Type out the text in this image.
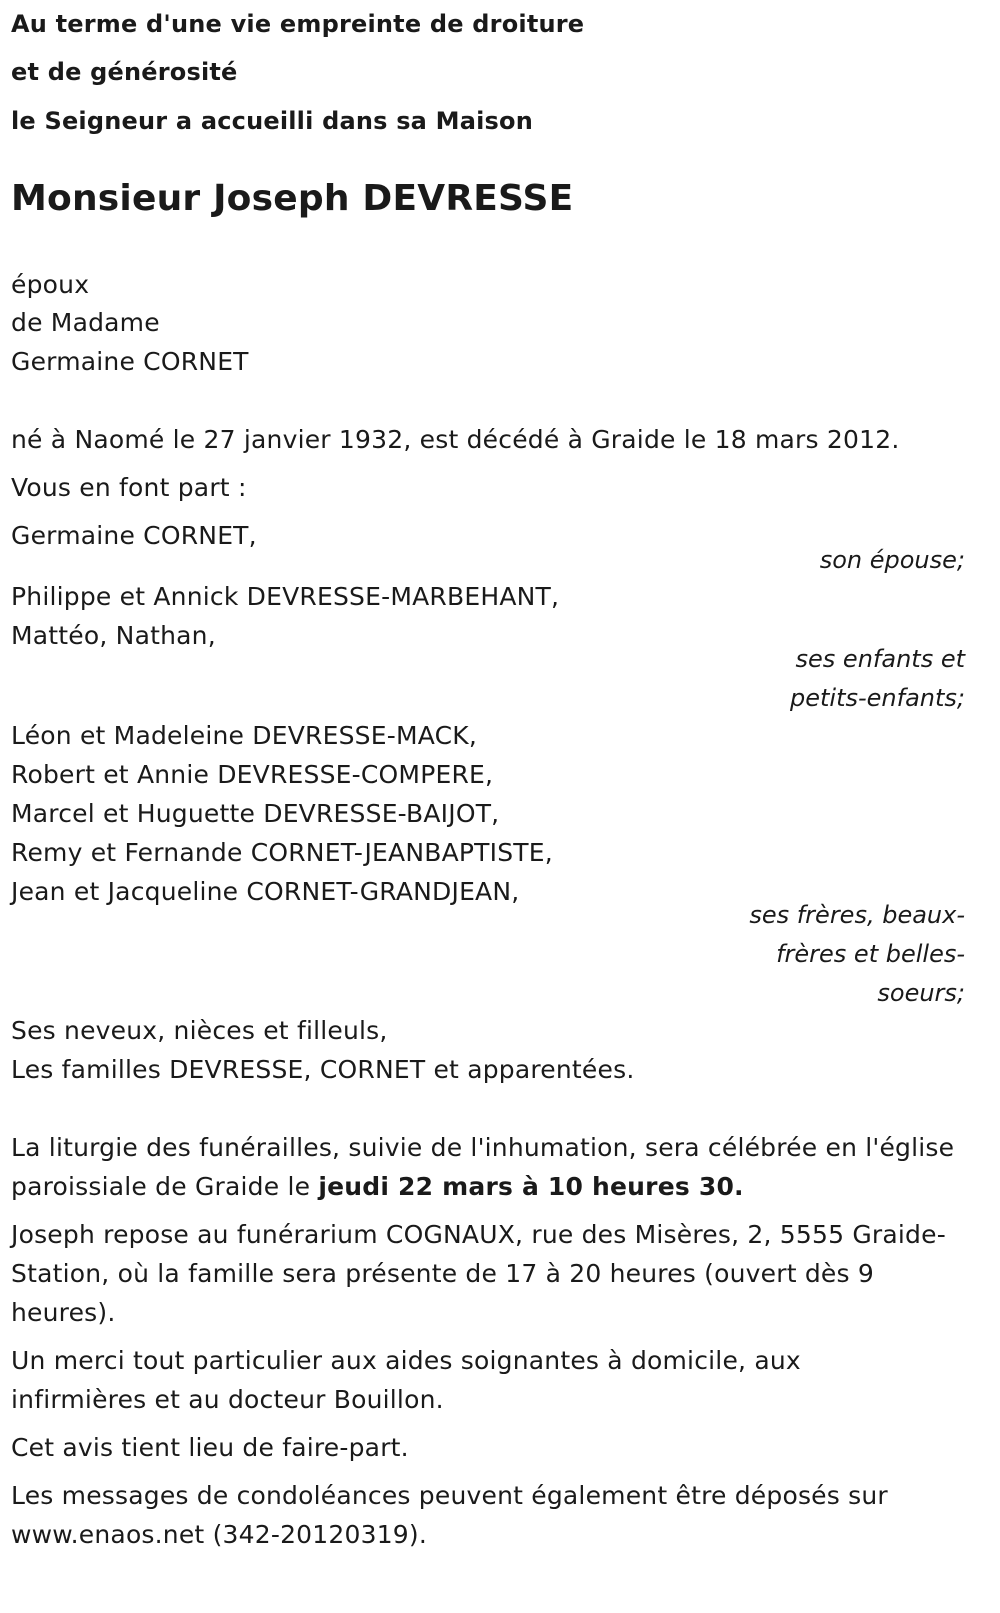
Au terme d'une vie empreinte de droiture
et de générosité
le Seigneur a accueilli dans sa Maison
Monsieur Joseph DEVRESSE
époux
de Madame
Germaine CORNET
né à Naomé le 27 janvier 1932, est décédé à Graide le 18 mars 2012.
Vous en font part :
Germaine CORNET,
son épouse;
Philippe et Annick DEVRESSE-MARBEHANT,
Mattéo, Nathan,
ses enfants et
petits-enfants;
Léon et Madeleine DEVRESSE-MACK,
Robert et Annie DEVRESSE-COMPERE,
Marcel et Huguette DEVRESSE-BAIJOT,
Remy et Fernande CORNET-JEANBAPTISTE,
Jean et Jacqueline CORNET-GRANDJEAN,
ses frères, beaux-
frères et belles-
soeurs;
Ses neveux, nièces et filleuls,
Les familles DEVRESSE, CORNET et apparentées.
La liturgie des funérailles, suivie de l'inhumation, sera célébrée en l'église
paroissiale de Graide le jeudi 22 mars à 10 heures 30.
Joseph repose au funérarium COGNAUX, rue des Misères, 2, 5555 Graide-
Station, où la famille sera présente de 17 à 20 heures (ouvert dès 9
heures).
Un merci tout particulier aux aides soignantes à domicile, aux
infirmières et au docteur Bouillon.
Cet avis tient lieu de faire-part.
Les messages de condoléances peuvent également être déposés sur
www.enaos.net (342-20120319).
